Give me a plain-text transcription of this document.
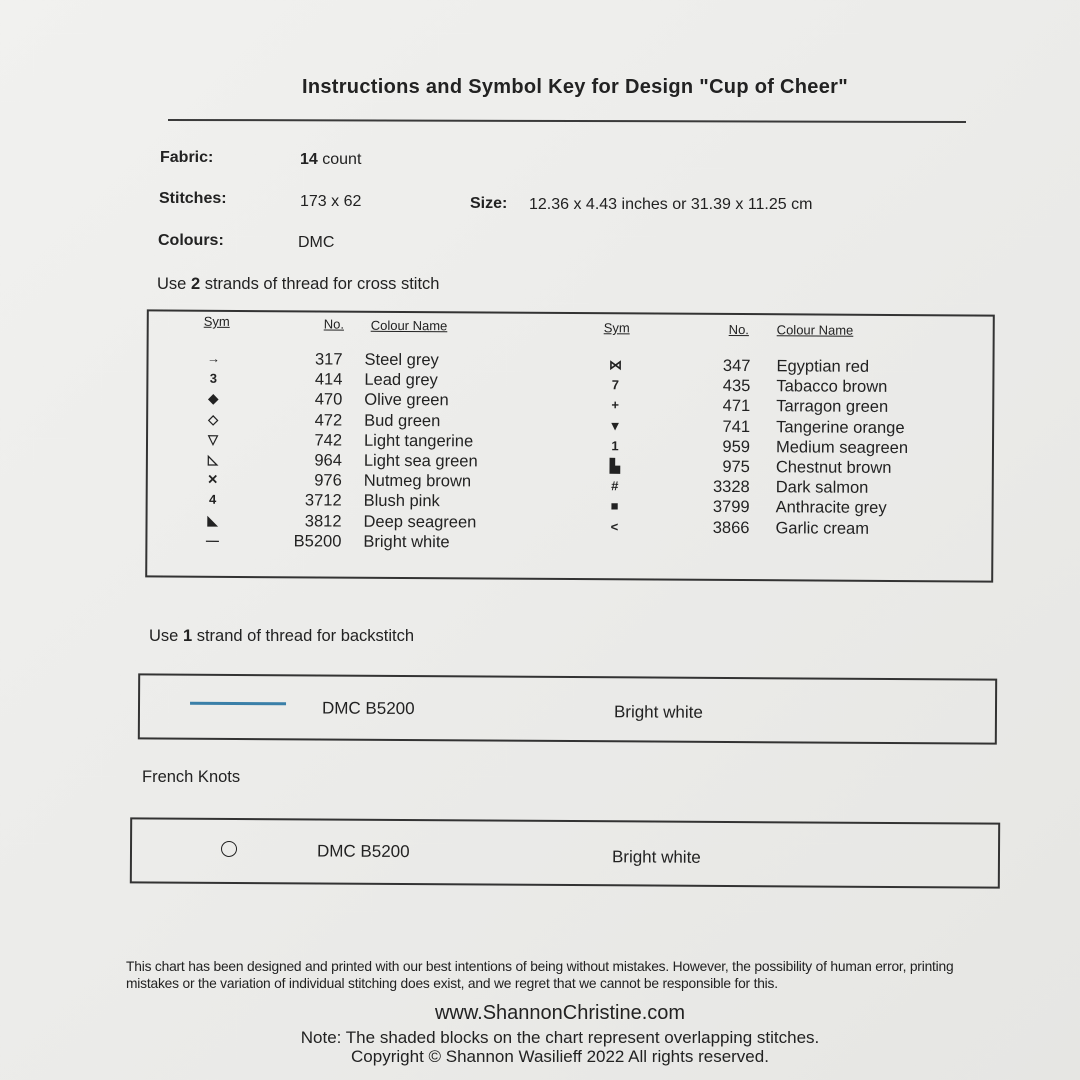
Instructions and Symbol Key for Design "Cup of Cheer"
Fabric:	14 count
Stitches:	173 x 62	Size: 12.36 x 4.43 inches or 31.39 x 11.25 cm
Colours:	DMC
Use 2 strands of thread for cross stitch
Sym	No. Colour Name	Sym	No. Colour Name
→	317 Steel grey
3	414 Lead grey
◆	470 Olive green
◇	472 Bud green
▽	742 Light tangerine
◺	964 Light sea green
✕	976 Nutmeg brown
4	3712 Blush pink
◣	3812 Deep seagreen
—	B5200 Bright white
⋈	347 Egyptian red
7	435 Tabacco brown
+	471 Tarragon green
▼	741 Tangerine orange
1	959 Medium seagreen
▙	975 Chestnut brown
#	3328 Dark salmon
■	3799 Anthracite grey
<	3866 Garlic cream
Use 1 strand of thread for backstitch
DMC B5200	Bright white
French Knots
DMC B5200	Bright white
This chart has been designed and printed with our best intentions of being without mistakes. However, the possibility of human error, printing mistakes or the variation of individual stitching does exist, and we regret that we cannot be responsible for this.
www.ShannonChristine.com
Note: The shaded blocks on the chart represent overlapping stitches.
Copyright © Shannon Wasilieff 2022 All rights reserved.
